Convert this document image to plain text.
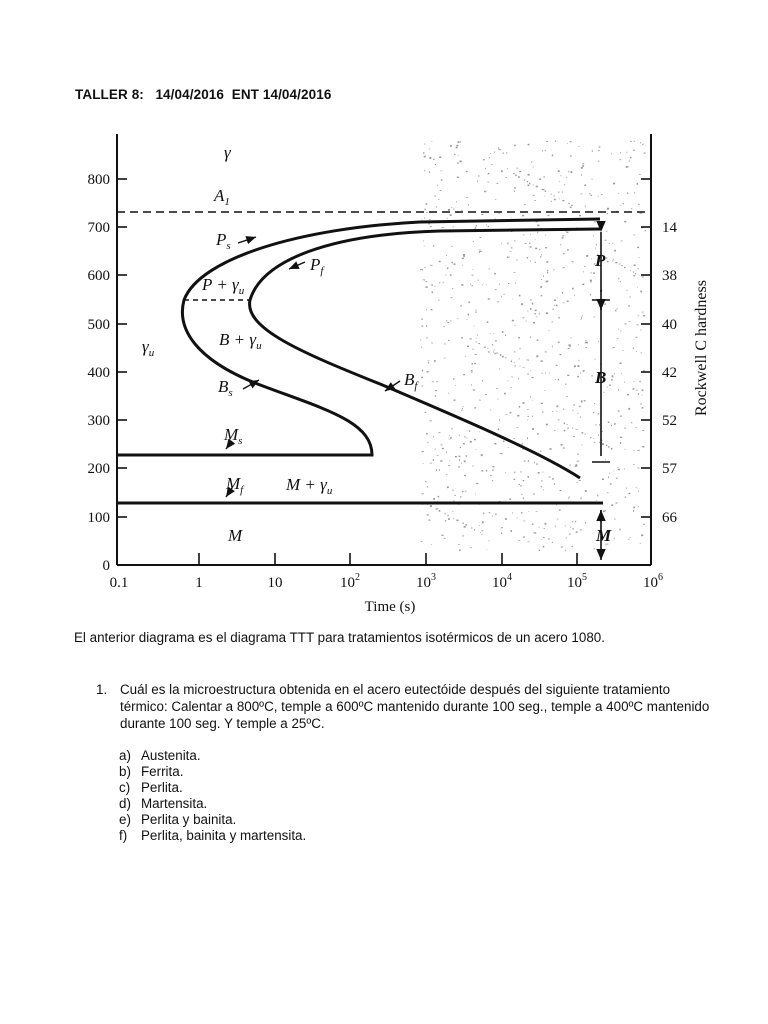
TALLER 8:   14/04/2016  ENT 14/04/2016
800
700
600
500
400
300
200
100
0
0.1	1	10	$10^2$	$10^3$	$10^4$	$10^5$	$10^6$
Time (s)
14
38
40
42
52
57
66
Rockwell C hardness
γ
$A_1$
$P_s$
$P_f$
$P + \gamma_u$
$B + \gamma_u$
$\gamma_u$
$B_s$
$B_f$
$M_s$
$M_f$	$M + \gamma_u$
M
P
B
M
El anterior diagrama es el diagrama TTT para tratamientos isotérmicos de un acero 1080.
1. Cuál es la microestructura obtenida en el acero eutectóide después del siguiente tratamiento térmico: Calentar a 800ºC, temple a 600ºC mantenido durante 100 seg., temple a 400ºC mantenido durante 100 seg. Y temple a 25ºC.
a) Austenita.
b) Ferrita.
c) Perlita.
d) Martensita.
e) Perlita y bainita.
f) Perlita, bainita y martensita.
